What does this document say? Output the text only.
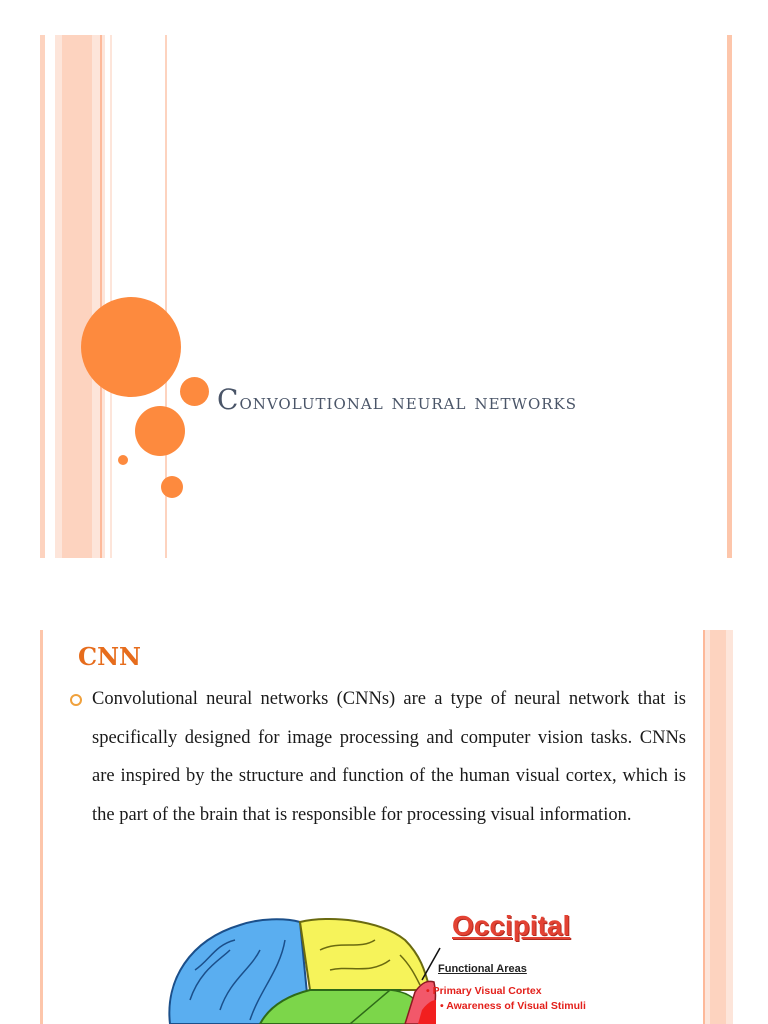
Convolutional neural networks
CNN
Convolutional neural networks (CNNs) are a type of neural network that is specifically designed for image processing and computer vision tasks. CNNs are inspired by the structure and function of the human visual cortex, which is the part of the brain that is responsible for processing visual information.
Occipital
Functional Areas
• Primary Visual Cortex
• Awareness of Visual Stimuli
